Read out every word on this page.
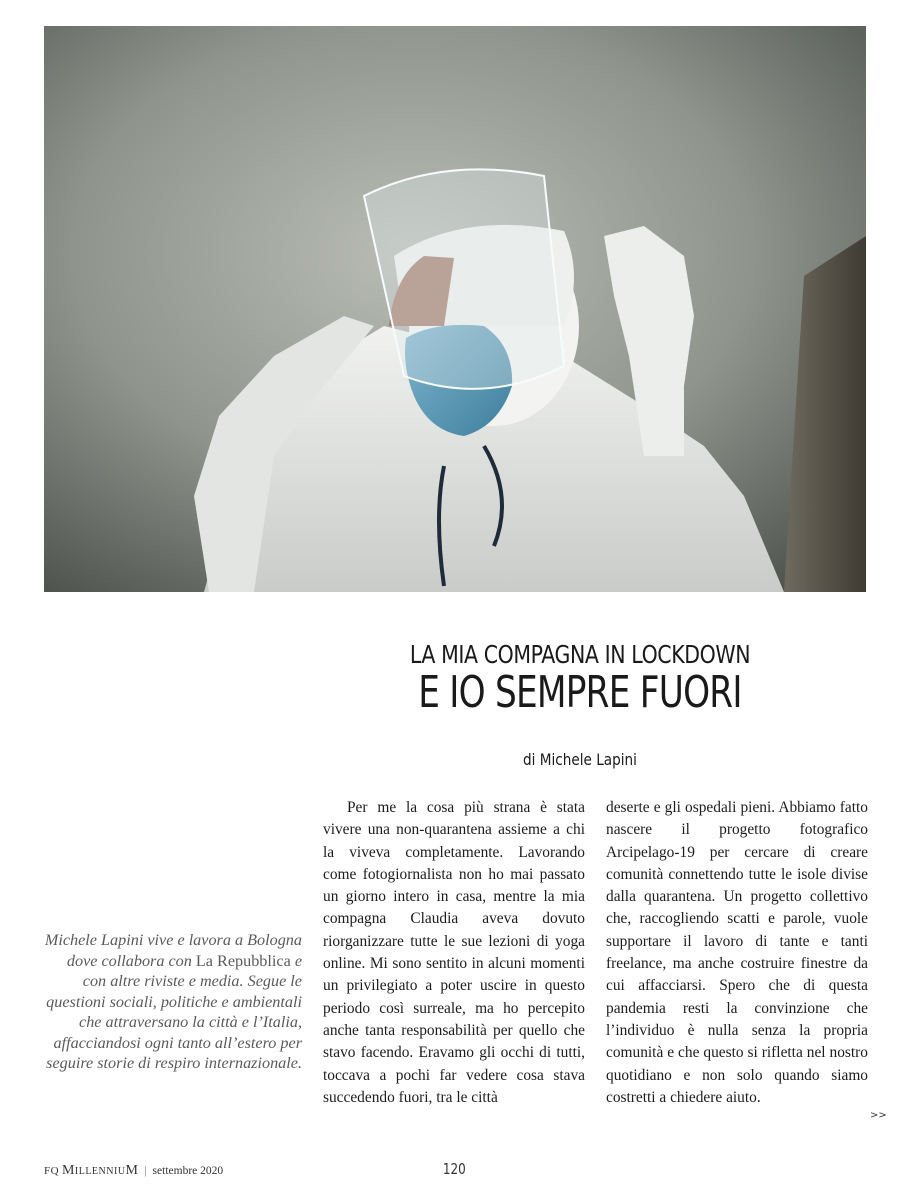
LA MIA COMPAGNA IN LOCKDOWN
E IO SEMPRE FUORI
di Michele Lapini
Michele Lapini vive e lavora a Bologna dove collabora con La Repubblica e con altre riviste e media. Segue le questioni sociali, politiche e ambientali che attraversano la città e l’Italia, affacciandosi ogni tanto all’estero per seguire storie di respiro internazionale.
Per me la cosa più strana è stata vivere una non-quarantena assieme a chi la viveva completamente. Lavorando come fotogiornalista non ho mai passato un giorno intero in casa, mentre la mia compagna Claudia aveva dovuto riorganizzare tutte le sue lezioni di yoga online. Mi sono sentito in alcuni momenti un privilegiato a poter uscire in questo periodo così surreale, ma ho percepito anche tanta responsabilità per quello che stavo facendo. Eravamo gli occhi di tutti, toccava a pochi far vedere cosa stava succedendo fuori, tra le città
deserte e gli ospedali pieni. Abbiamo fatto nascere il progetto fotografico Arcipelago-19 per cercare di creare comunità connettendo tutte le isole divise dalla quarantena. Un progetto collettivo che, raccogliendo scatti e parole, vuole supportare il lavoro di tante e tanti freelance, ma anche costruire finestre da cui affacciarsi. Spero che di questa pandemia resti la convinzione che l’individuo è nulla senza la propria comunità e che questo si rifletta nel nostro quotidiano e non solo quando siamo costretti a chiedere aiuto.
>>
FQ MillenniuM | settembre 2020	120
